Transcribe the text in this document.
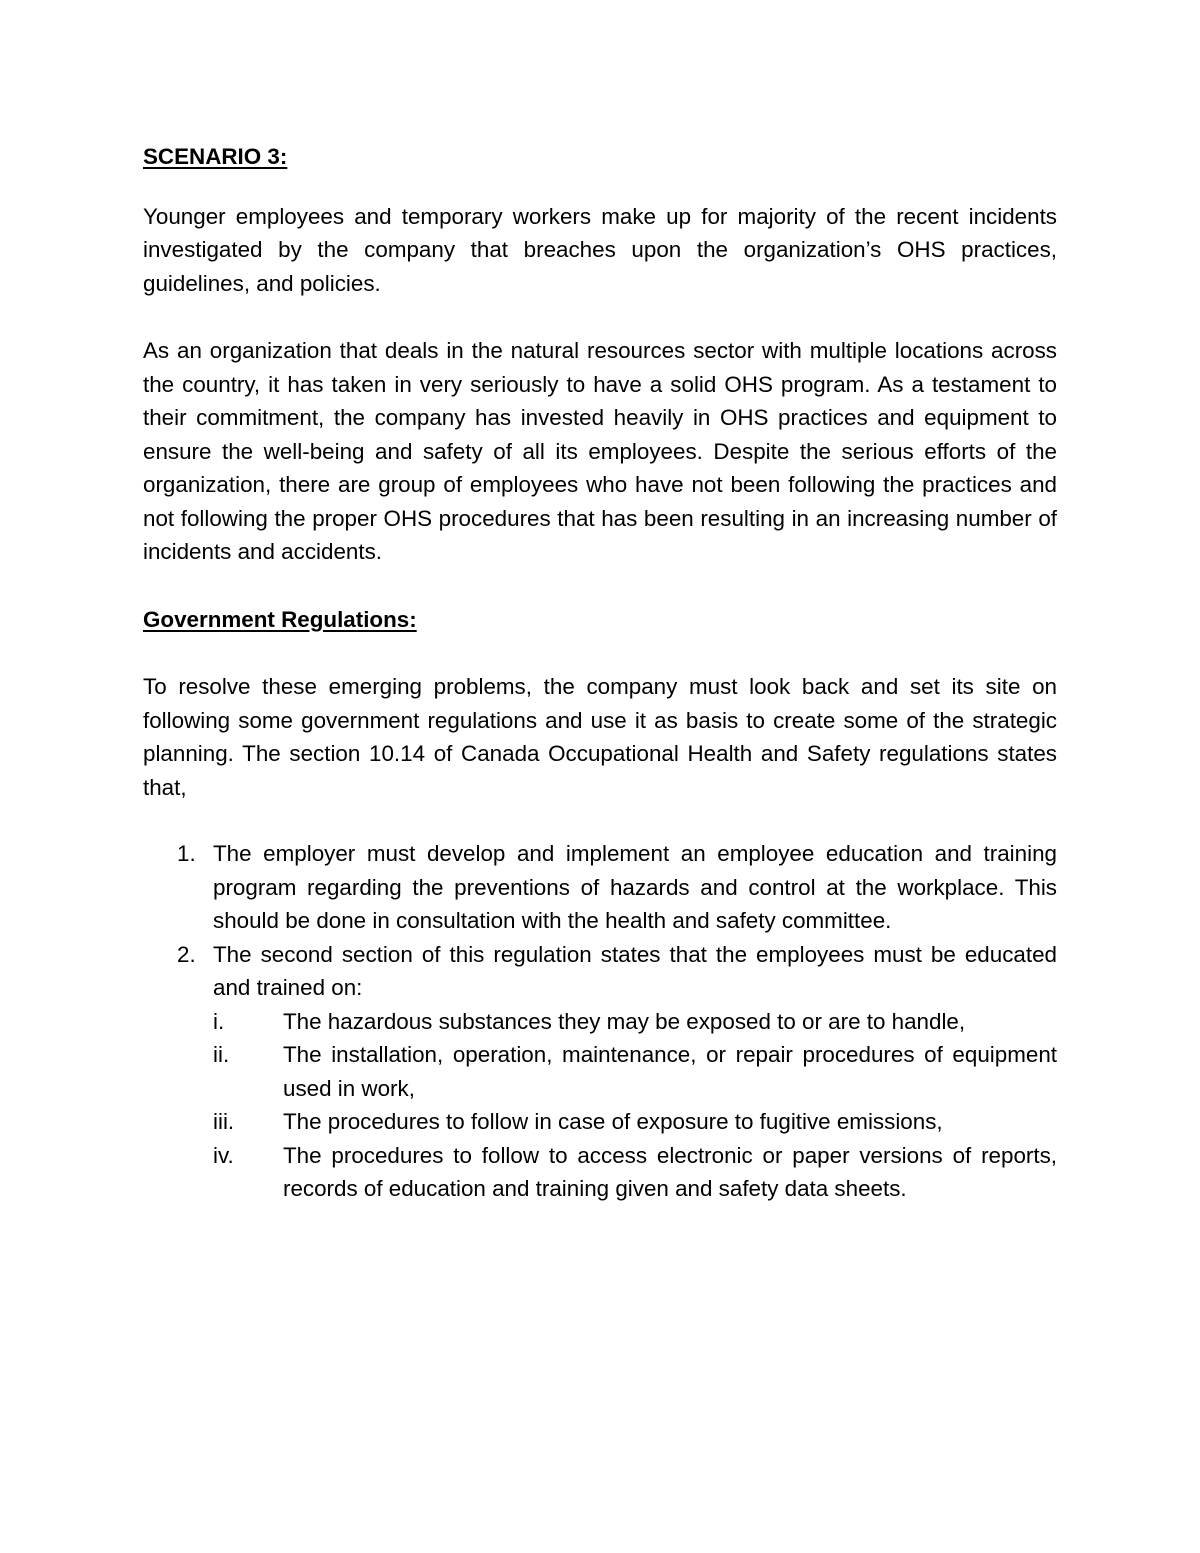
SCENARIO 3:

Younger employees and temporary workers make up for majority of the recent incidents investigated by the company that breaches upon the organization’s OHS practices, guidelines, and policies.

As an organization that deals in the natural resources sector with multiple locations across the country, it has taken in very seriously to have a solid OHS program. As a testament to their commitment, the company has invested heavily in OHS practices and equipment to ensure the well-being and safety of all its employees. Despite the serious efforts of the organization, there are group of employees who have not been following the practices and not following the proper OHS procedures that has been resulting in an increasing number of incidents and accidents.

Government Regulations:

To resolve these emerging problems, the company must look back and set its site on following some government regulations and use it as basis to create some of the strategic planning. The section 10.14 of Canada Occupational Health and Safety regulations states that,

1. The employer must develop and implement an employee education and training program regarding the preventions of hazards and control at the workplace. This should be done in consultation with the health and safety committee.
2. The second section of this regulation states that the employees must be educated and trained on:
i.	The hazardous substances they may be exposed to or are to handle,
ii. The installation, operation, maintenance, or repair procedures of equipment used in work,
iii. The procedures to follow in case of exposure to fugitive emissions,
iv. The procedures to follow to access electronic or paper versions of reports, records of education and training given and safety data sheets.
